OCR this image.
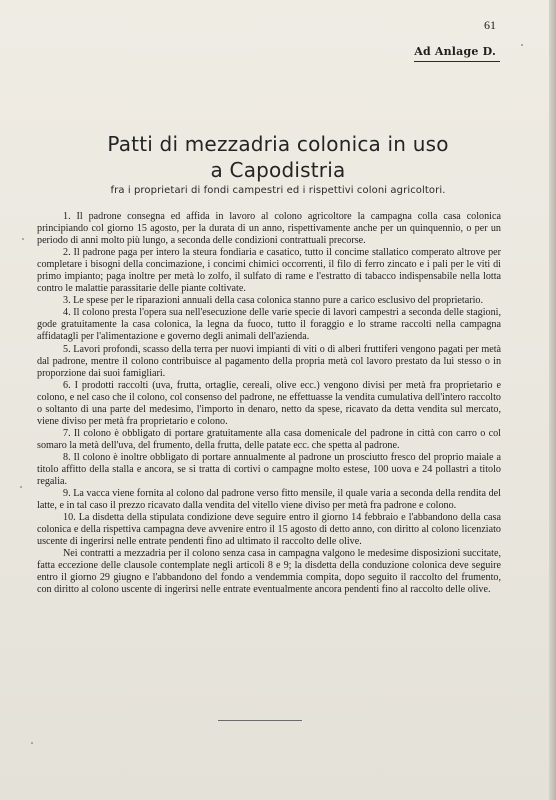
61
Ad Anlage D.
Patti di mezzadria colonica in uso
a Capodistria
fra i proprietari di fondi campestri ed i rispettivi coloni agricoltori.

1. Il padrone consegna ed affida in lavoro al colono agricoltore la campagna colla casa colonica principiando col giorno 15 agosto, per la durata di un anno, rispettivamente anche per un quinquennio, o per un periodo di anni molto più lungo, a seconda delle condizioni contrattuali precorse.

2. Il padrone paga per intero la steura fondiaria e casatico, tutto il concime stallatico comperato altrove per completare i bisogni della concimazione, i concimi chimici occorrenti, il filo di ferro zincato e i pali per le viti di primo impianto; paga inoltre per metà lo zolfo, il sulfato di rame e l'estratto di tabacco indispensabile nella lotta contro le malattie parassitarie delle piante coltivate.

3. Le spese per le riparazioni annuali della casa colonica stanno pure a carico esclusivo del proprietario.

4. Il colono presta l'opera sua nell'esecuzione delle varie specie di lavori campestri a seconda delle stagioni, gode gratuitamente la casa colonica, la legna da fuoco, tutto il foraggio e lo strame raccolti nella campagna affidatagli per l'alimentazione e governo degli animali dell'azienda.

5. Lavori profondi, scasso della terra per nuovi impianti di viti o di alberi fruttiferi vengono pagati per metà dal padrone, mentre il colono contribuisce al pagamento della propria metà col lavoro prestato da lui stesso o in proporzione dai suoi famigliari.

6. I prodotti raccolti (uva, frutta, ortaglie, cereali, olive ecc.) vengono divisi per metà fra proprietario e colono, e nel caso che il colono, col consenso del padrone, ne effettuasse la vendita cumulativa dell'intero raccolto o soltanto di una parte del medesimo, l'importo in denaro, netto da spese, ricavato da detta vendita sul mercato, viene diviso per metà fra proprietario e colono.

7. Il colono è obbligato di portare gratuitamente alla casa domenicale del padrone in città con carro o col somaro la metà dell'uva, del frumento, della frutta, delle patate ecc. che spetta al padrone.

8. Il colono è inoltre obbligato di portare annualmente al padrone un prosciutto fresco del proprio maiale a titolo affitto della stalla e ancora, se si tratta di cortivi o campagne molto estese, 100 uova e 24 pollastri a titolo regalia.

9. La vacca viene fornita al colono dal padrone verso fitto mensile, il quale varia a seconda della rendita del latte, e in tal caso il prezzo ricavato dalla vendita del vitello viene diviso per metà fra padrone e colono.

10. La disdetta della stipulata condizione deve seguire entro il giorno 14 febbraio e l'abbandono della casa colonica e della rispettiva campagna deve avvenire entro il 15 agosto di detto anno, con diritto al colono licenziato uscente di ingerirsi nelle entrate pendenti fino ad ultimato il raccolto delle olive.

Nei contratti a mezzadria per il colono senza casa in campagna valgono le medesime disposizioni succitate, fatta eccezione delle clausole contemplate negli articoli 8 e 9; la disdetta della conduzione colonica deve seguire entro il giorno 29 giugno e l'abbandono del fondo a vendemmia compita, dopo seguito il raccolto del frumento, con diritto al colono uscente di ingerirsi nelle entrate eventualmente ancora pendenti fino al raccolto delle olive.
